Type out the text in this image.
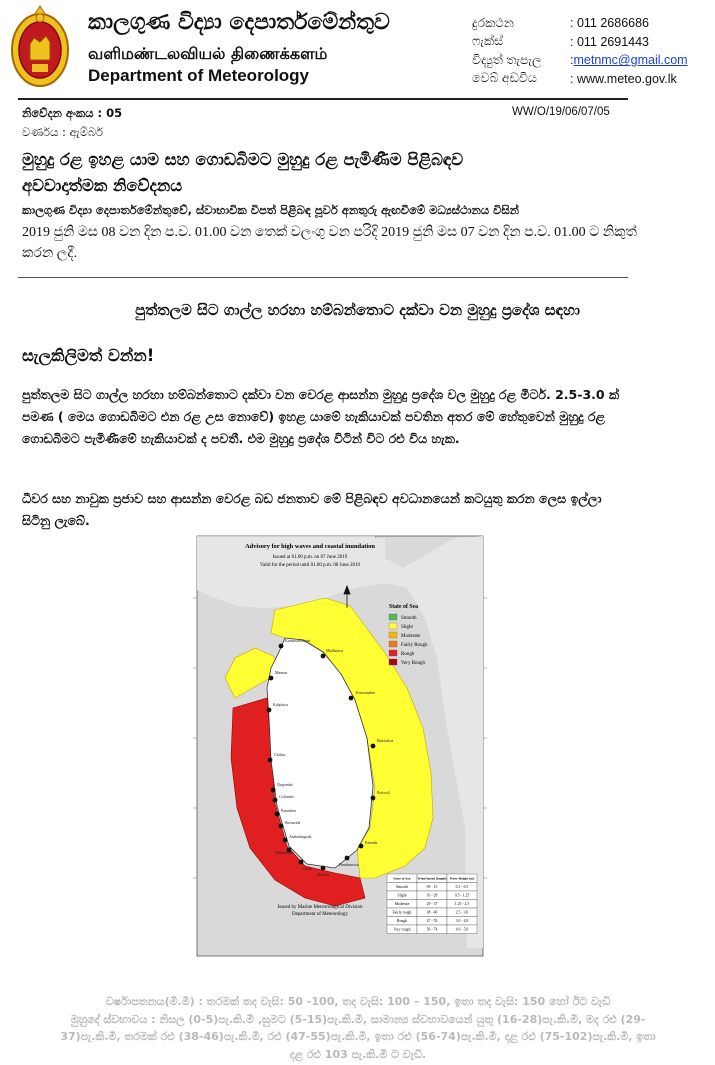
කාලගුණ විද්‍යා දෙපාර්තමේන්තුව
வளிமண்டலவியல் திணைக்களம்
Department of Meteorology
දුරකථන	: 011 2686686
ෆැක්ස්	: 011 2691443
විද්‍යුත් තැපැල	: metnmc@gmail.com
වෙබ් අඩවිය	: www.meteo.gov.lk
නිවේදන අංකය : 05
වර්ණය : ඇම්බර්
WW/O/19/06/07/05
මුහුදු රළ ඉහළ යාම සහ ගොඩබිමට මුහුදු රළ පැමිණීම පිළිබඳව
අවවාදාත්මක නිවේදනය
කාලගුණ විද්‍යා දෙපාර්තමේන්තුවේ, ස්වාභාවික විපත් පිළිබඳ පූර්ව අනතුරු ඇඟවීමේ මධ්‍යස්ථානය විසින්
2019 ජුනි මස 08 වන දින ප.ව. 01.00 වන තෙක් වලංගු වන පරිදි 2019 ජුනි මස 07 වන දින ප.ව. 01.00 ට නිකුත් කරන ලදී.
පුත්තලම සිට ගාල්ල හරහා හම්බන්තොට දක්වා වන මුහුදු ප්‍රදේශ සඳහා
සැලකිලිමත් වන්න!
පුත්තලම සිට ගාල්ල හරහා හම්බන්තොට දක්වා වන වෙරළ ආසන්න මුහුදු ප්‍රදේශ වල මුහුදු රළ මීටර්. 2.5-3.0 ක් පමණ ( මෙය ගොඩබිමට එන රළ උස නොවේ) ඉහළ යාමේ හැකියාවක් පවතින අතර මේ හේතුවෙන් මුහුදු රළ ගොඩබිමට පැමිණීමේ හැකියාවක් ද පවතී. එම මුහුදු ප්‍රදේශ විටින් විට රළු විය හැක.
ධීවර සහ නාවුක ප්‍රජාව සහ ආසන්න වෙරළ බඩ ජනතාව මේ පිළිබඳව අවධානයෙන් කටයුතු කරන ලෙස ඉල්ලා සිටිනු ලැබේ.
Kankesanthurai
Mullaitivu
Mannar
Trincomalee
Kalpitiya
Batticaloa
Chilaw
Negombo
Colombo
Pottuvil
Panadura
Beruwala
Ambalangoda
Hikkaduwa
Galle
Mirissa
Hambantota
Kirinda
Advisory for high waves and coastal inundation
Issued at 01.00 p.m. on 07 June 2019
Valid for the period until 01.00 p.m. 08 June 2019
State of Sea
Smooth
Slight
Moderate
Fairly Rough
Rough
Very Rough
State of Sea Wind Speed (kmph) Wave Height (m)
Smooth	05 - 15	0.1 - 0.5
Slight	16 - 28	0.5 - 1.25
Moderate	29 - 37	1.25 - 2.5
Fairly rough	38 - 46	2.5 - 3.0
Rough	47 - 55	3.0 - 4.0
Very rough	56 - 74	4.0 - 5.0
Issued by Marine Meteorological Division
Department of Meteorology
වර්ෂාපතනය(මි.මී) : තරමක් තද වැසි: 50 -100, තද වැසි: 100 – 150, ඉතා තද වැසි: 150 හෝ ඊට වැඩි
මුහුදේ ස්වභාවය : නිසල (0-5)පැ.කි.මී ,සුමට (5-15)පැ.කි.මී, සාමාන්‍ය ස්වභාවයෙන් යුතු (16-28)පැ.කි.මී, මද රළු (29-37)පැ.කි.මී, තරමක් රළු (38-46)පැ.කි.මී, රළු (47-55)පැ.කි.මී, ඉතා රළු (56-74)පැ.කි.මී, දළ රළු (75-102)පැ.කි.මී, ඉතා දළ රළු 103 පැ.කි.මී ට වැඩි.
